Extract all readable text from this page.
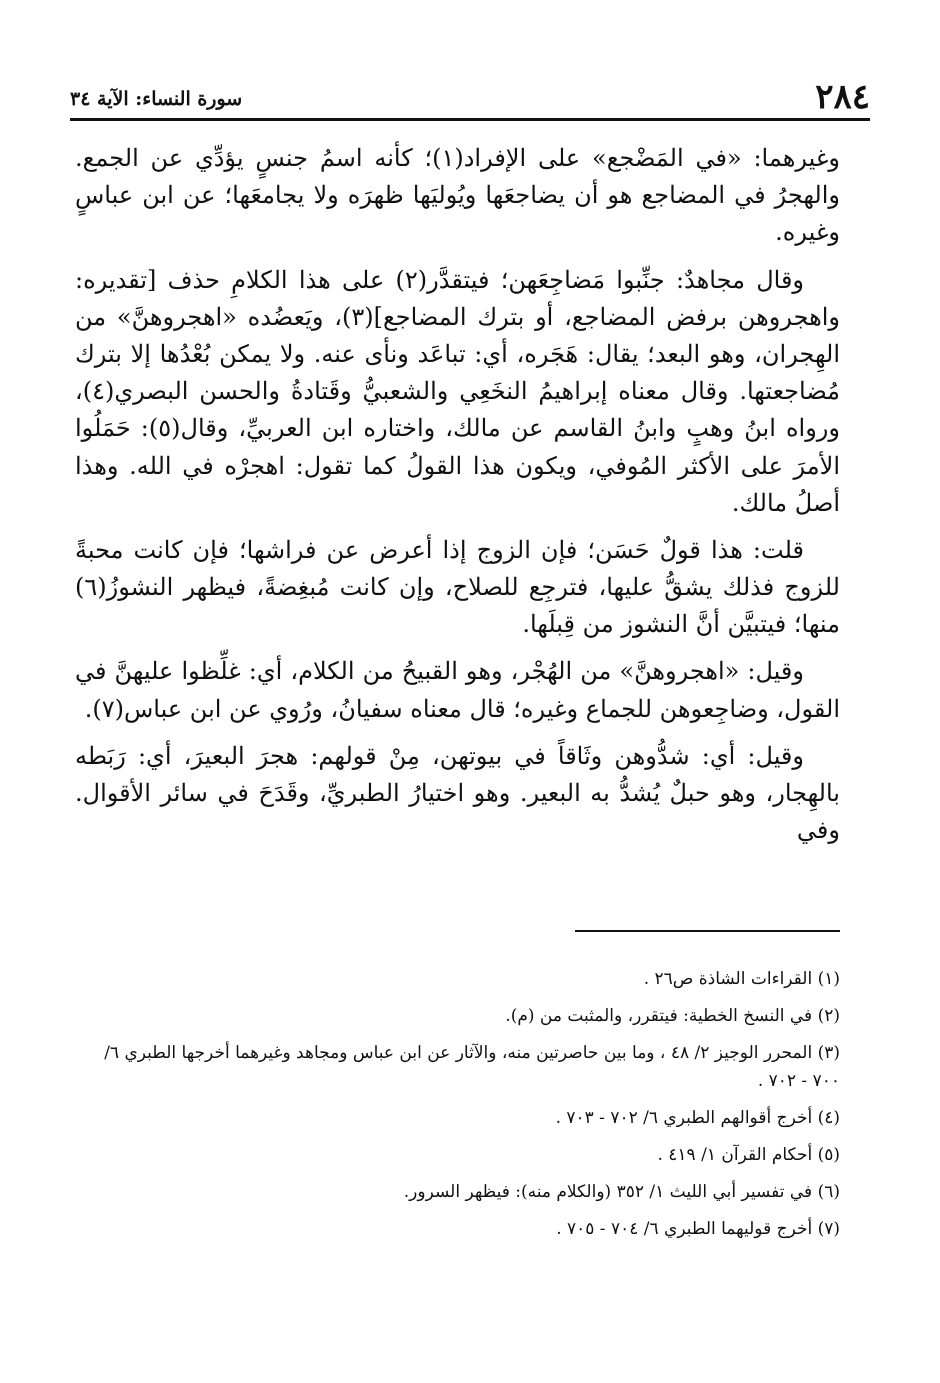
٢٨٤
سورة النساء: الآية ٣٤

وغيرهما: «في المَضْجع» على الإفراد(١)؛ كأنه اسمُ جنسٍ يؤدِّي عن الجمع. والهجرُ في المضاجع هو أن يضاجعَها ويُوليَها ظهرَه ولا يجامعَها؛ عن ابن عباسٍ وغيره.

وقال مجاهدٌ: جنِّبوا مَضاجِعَهن؛ فيتقدَّر(٢) على هذا الكلامِ حذف [تقديره: واهجروهن برفض المضاجع، أو بترك المضاجع](٣)، ويَعضُده «اهجروهنَّ» من الهِجران، وهو البعد؛ يقال: هَجَره، أي: تباعَد ونأى عنه. ولا يمكن بُعْدُها إلا بترك مُضاجعتها. وقال معناه إبراهيمُ النخَعِي والشعبيُّ وقَتادةُ والحسن البصري(٤)، ورواه ابنُ وهبٍ وابنُ القاسم عن مالك، واختاره ابن العربيِّ، وقال(٥): حَمَلُوا الأمرَ على الأكثر المُوفي، ويكون هذا القولُ كما تقول: اهجرْه في الله. وهذا أصلُ مالك.

قلت: هذا قولٌ حَسَن؛ فإن الزوج إذا أعرض عن فراشها؛ فإن كانت محبةً للزوج فذلك يشقُّ عليها، فترجِع للصلاح، وإن كانت مُبغِضةً، فيظهر النشوزُ(٦) منها؛ فيتبيَّن أنَّ النشوز من قِبلَها.

وقيل: «اهجروهنَّ» من الهُجْر، وهو القبيحُ من الكلام، أي: غلِّظوا عليهنَّ في القول، وضاجِعوهن للجماع وغيره؛ قال معناه سفيانُ، ورُوي عن ابن عباس(٧).

وقيل: أي: شدُّوهن وثَاقاً في بيوتهن، مِنْ قولهم: هجرَ البعيرَ، أي: رَبَطه بالهِجار، وهو حبلٌ يُشدُّ به البعير. وهو اختيارُ الطبريِّ، وقَدَحَ في سائر الأقوال. وفي

(١) القراءات الشاذة ص٢٦ .
(٢) في النسخ الخطية: فيتقرر، والمثبت من (م).
(٣) المحرر الوجيز ٢/ ٤٨ ، وما بين حاصرتين منه، والآثار عن ابن عباس ومجاهد وغيرهما أخرجها الطبري ٦/ ٧٠٠ - ٧٠٢ .
(٤) أخرج أقوالهم الطبري ٦/ ٧٠٢ - ٧٠٣ .
(٥) أحكام القرآن ١/ ٤١٩ .
(٦) في تفسير أبي الليث ١/ ٣٥٢ (والكلام منه): فيظهر السرور.
(٧) أخرج قوليهما الطبري ٦/ ٧٠٤ - ٧٠٥ .
